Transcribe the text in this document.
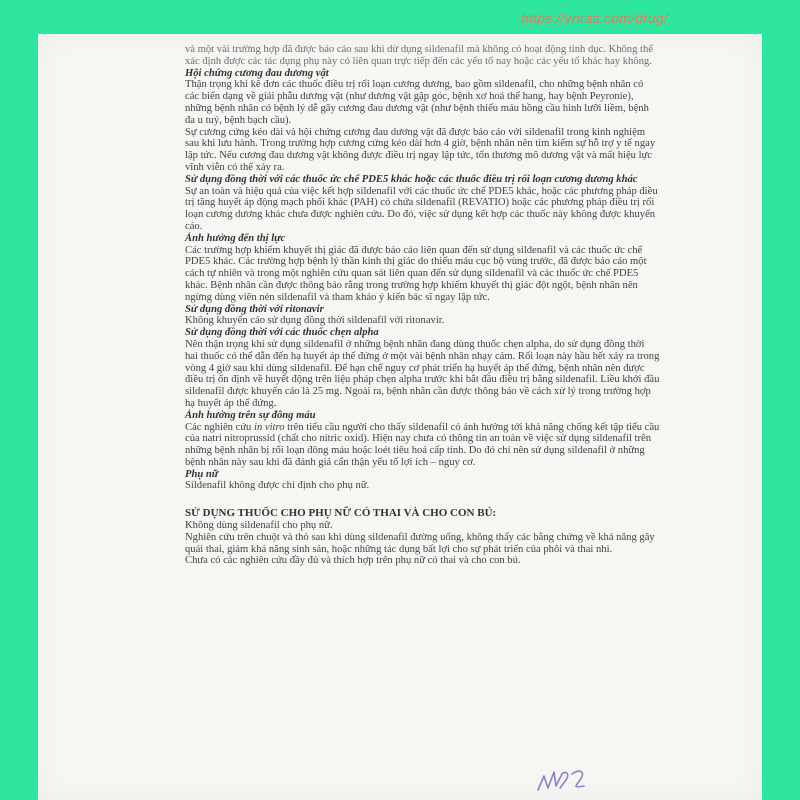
https://vnras.com/drug/

và một vài trường hợp đã được báo cáo sau khi dừ dụng sildenafil mà không có hoạt động tình dục. Không thể xác định được các tác dụng phụ này có liên quan trực tiếp đến các yếu tố nay hoặc các yếu tố khác hay không.

Hội chứng cương đau dương vật

Thận trọng khi kê đơn các thuốc điều trị rối loạn cương dương, bao gồm sildenafil, cho những bệnh nhân có các biến dạng về giải phẫu dương vật (như dương vật gập góc, bệnh xơ hoá thể hang, hay bệnh Peyronie), những bệnh nhân có bệnh lý dễ gây cương đau dương vật (như bệnh thiếu máu hồng cầu hình lưỡi liềm, bệnh đa u tuỷ, bệnh bạch cầu).

Sự cương cứng kéo dài và hội chứng cương đau dương vật đã được báo cáo với sildenafil trong kinh nghiệm sau khi lưu hành. Trong trường hợp cương cứng kéo dài hơn 4 giờ, bệnh nhân nên tìm kiếm sự hỗ trợ y tế ngay lập tức. Nếu cương đau dương vật không được điều trị ngay lập tức, tổn thương mô dương vật và mất hiệu lực vĩnh viễn có thể xảy ra.

Sử dụng đồng thời với các thuốc ức chế PDE5 khác hoặc các thuốc điều trị rối loạn cương dương khác

Sự an toàn và hiệu quả của việc kết hợp sildenafil với các thuốc ức chế PDE5 khác, hoặc các phương pháp điều trị tăng huyết áp động mạch phổi khác (PAH) có chứa sildenafil (REVATIO) hoặc các phương pháp điều trị rối loạn cương dương khác chưa được nghiên cứu. Do đó, việc sử dụng kết hợp các thuốc này không được khuyến cáo.

Ảnh hưởng đến thị lực

Các trường hợp khiếm khuyết thị giác đã được báo cáo liên quan đến sử dụng sildenafil và các thuốc ức chế PDE5 khác. Các trường hợp bệnh lý thần kinh thị giác do thiếu máu cục bộ vùng trước, đã được báo cáo một cách tự nhiên và trong một nghiên cứu quan sát liên quan đến sử dụng sildenafil và các thuốc ức chế PDE5 khác. Bệnh nhân cần được thông báo rằng trong trường hợp khiếm khuyết thị giác đột ngột, bệnh nhân nên ngừng dùng viên nén sildenafil và tham khảo ý kiến bác sĩ ngay lập tức.

Sử dụng đồng thời với ritonavir

Không khuyến cáo sử dụng đồng thời sildenafil với ritonavir.

Sử dụng đồng thời với các thuốc chẹn alpha

Nên thận trọng khi sử dụng sildenafil ở những bệnh nhân đang dùng thuốc chẹn alpha, do sử dụng đồng thời hai thuốc có thể dẫn đến hạ huyết áp thế đứng ở một vài bệnh nhân nhạy cảm. Rối loạn này hầu hết xảy ra trong vòng 4 giờ sau khi dùng sildenafil. Để hạn chế nguy cơ phát triển hạ huyết áp thế đứng, bệnh nhân nên được điều trị ổn định về huyết động trên liệu pháp chẹn alpha trước khi bắt đầu điều trị bằng sildenafil. Liều khởi đầu sildenafil được khuyến cáo là 25 mg. Ngoài ra, bệnh nhân cần được thông báo về cách xử lý trong trường hợp hạ huyết áp thế đứng.

Ảnh hưởng trên sự đông máu

Các nghiên cứu in vitro trên tiểu cầu người cho thấy sildenafil có ảnh hưởng tới khả năng chống kết tập tiểu cầu của natri nitroprussid (chất cho nitric oxid). Hiện nay chưa có thông tin an toàn về việc sử dụng sildenafil trên những bệnh nhân bị rối loạn đông máu hoặc loét tiêu hoá cấp tính. Do đó chỉ nên sử dụng sildenafil ở những bệnh nhân này sau khi đã đánh giá cẩn thận yếu tố lợi ích – nguy cơ.

Phụ nữ

Sildenafil không được chỉ định cho phụ nữ.

SỬ DỤNG THUỐC CHO PHỤ NỮ CÓ THAI VÀ CHO CON BÚ:

Không dùng sildenafil cho phụ nữ.

Nghiên cứu trên chuột và thỏ sau khi dùng sildenafil đường uống, không thấy các bằng chứng về khả năng gây quái thai, giảm khả năng sinh sản, hoặc những tác dụng bất lợi cho sự phát triển của phôi và thai nhi.

Chưa có các nghiên cứu đầy đủ và thích hợp trên phụ nữ có thai và cho con bú.
